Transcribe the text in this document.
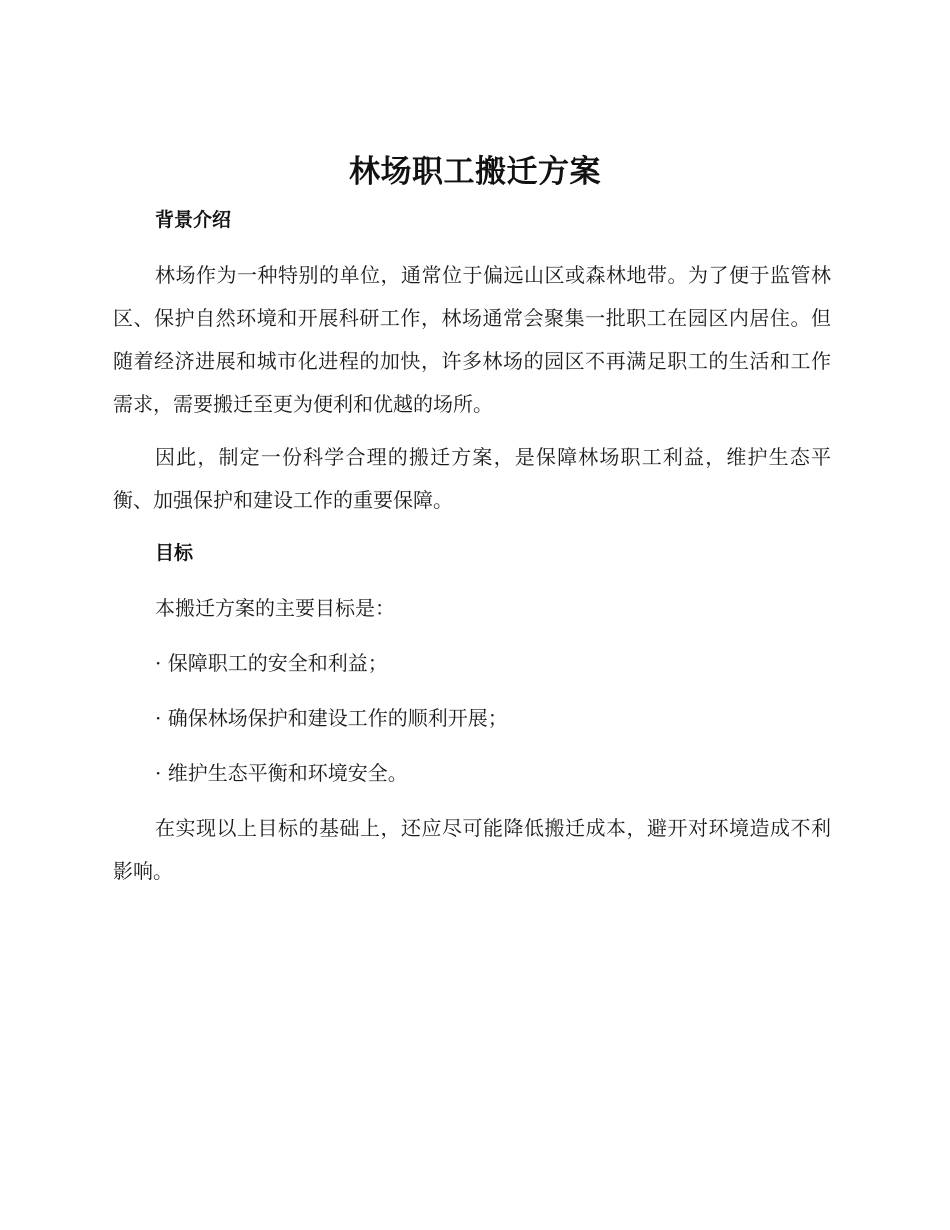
林场职工搬迁方案
背景介绍

林场作为一种特别的单位，通常位于偏远山区或森林地带。为了便于监管林区、保护自然环境和开展科研工作，林场通常会聚集一批职工在园区内居住。但随着经济进展和城市化进程的加快，许多林场的园区不再满足职工的生活和工作需求，需要搬迁至更为便利和优越的场所。

因此，制定一份科学合理的搬迁方案，是保障林场职工利益，维护生态平衡、加强保护和建设工作的重要保障。

目标
本搬迁方案的主要目标是：
· 保障职工的安全和利益；
· 确保林场保护和建设工作的顺利开展；
· 维护生态平衡和环境安全。

在实现以上目标的基础上，还应尽可能降低搬迁成本，避开对环境造成不利影响。
